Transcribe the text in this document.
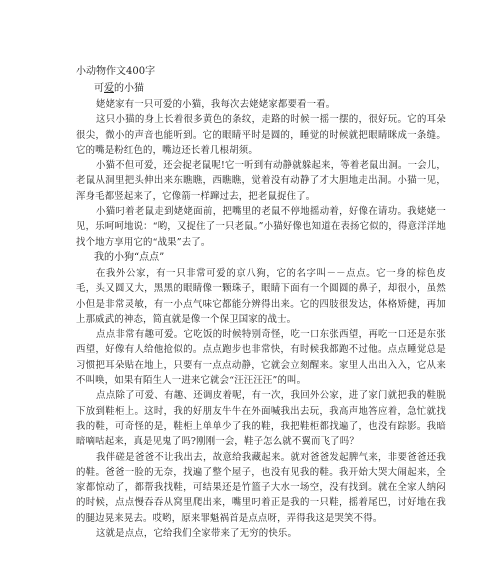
小动物作文400字

可爱的小猫

姥姥家有一只可爱的小猫，我每次去姥姥家都要看一看。

这只小猫的身上长着很多黄色的条纹，走路的时候一摇一摆的，很好玩。它的耳朵很尖，微小的声音也能听到。它的眼睛平时是圆的，睡觉的时候就把眼睛眯成一条缝。它的嘴是粉红色的，嘴边还长着几根胡须。

小猫不但可爱，还会捉老鼠呢!它一听到有动静就躲起来，等着老鼠出洞。一会儿，老鼠从洞里把头伸出来东瞧瞧，西瞧瞧，觉着没有动静了才大胆地走出洞。小猫一见，浑身毛都竖起来了，它像箭一样蹿过去，把老鼠捉住了。

小猫叼着老鼠走到姥姥面前，把嘴里的老鼠不停地摇动着，好像在请功。我姥姥一见，乐呵呵地说：“哟，又捉住了一只老鼠。”小猫好像也知道在表扬它似的，得意洋洋地找个地方享用它的“战果”去了。

我的小狗“点点”

在我外公家，有一只非常可爱的京八狗，它的名字叫－－点点。它一身的棕色皮毛，头又圆又大，黑黑的眼睛像一颗珠子，眼睛下面有一个圆圆的鼻子，却很小，虽然小但是非常灵敏，有一小点气味它都能分辨得出来。它的四肢很发达，体格矫健，再加上那威武的神态，简直就是像一个保卫国家的战士。

点点非常有趣可爱。它吃饭的时候特别奇怪，吃一口东张西望，再吃一口还是东张西望，好像有人给他抢似的。点点跑步也非常快，有时候我都跑不过他。点点睡觉总是习惯把耳朵贴在地上，只要有一点点动静，它就会立刻醒来。家里人出出入入，它从来不叫唤，如果有陌生人一进来它就会“汪汪汪汪”的叫。

点点除了可爱、有趣、还调皮着呢，有一次，我回外公家，进了家门就把我的鞋脱下放到鞋柜上。这时，我的好朋友牛牛在外面喊我出去玩，我高声地答应着，急忙就找我的鞋，可奇怪的是，鞋柜上单单少了我的鞋，我把鞋柜都找遍了，也没有踪影。我暗暗嘀咕起来，真是见鬼了吗?刚刚一会，鞋子怎么就不翼而飞了吗？

我伴磋是爸爸不让我出去，故意给我藏起来。就对爸爸发起脾气来，非要爸爸还我的鞋。爸爸一脸的无奈，找遍了整个屋子，也没有见我的鞋。我开始大哭大闹起来，全家都惊动了，都帮我找鞋，可结果还是竹篮子大水一场空，没有找到。就在全家人纳闷的时候，点点慢吞吞从窝里爬出来，嘴里叼着正是我的一只鞋，摇着尾巴，讨好地在我的腿边晃来晃去。哎哟，原来罪魁祸首是点点呀，弄得我这是哭笑不得。

这就是点点，它给我们全家带来了无穷的快乐。
